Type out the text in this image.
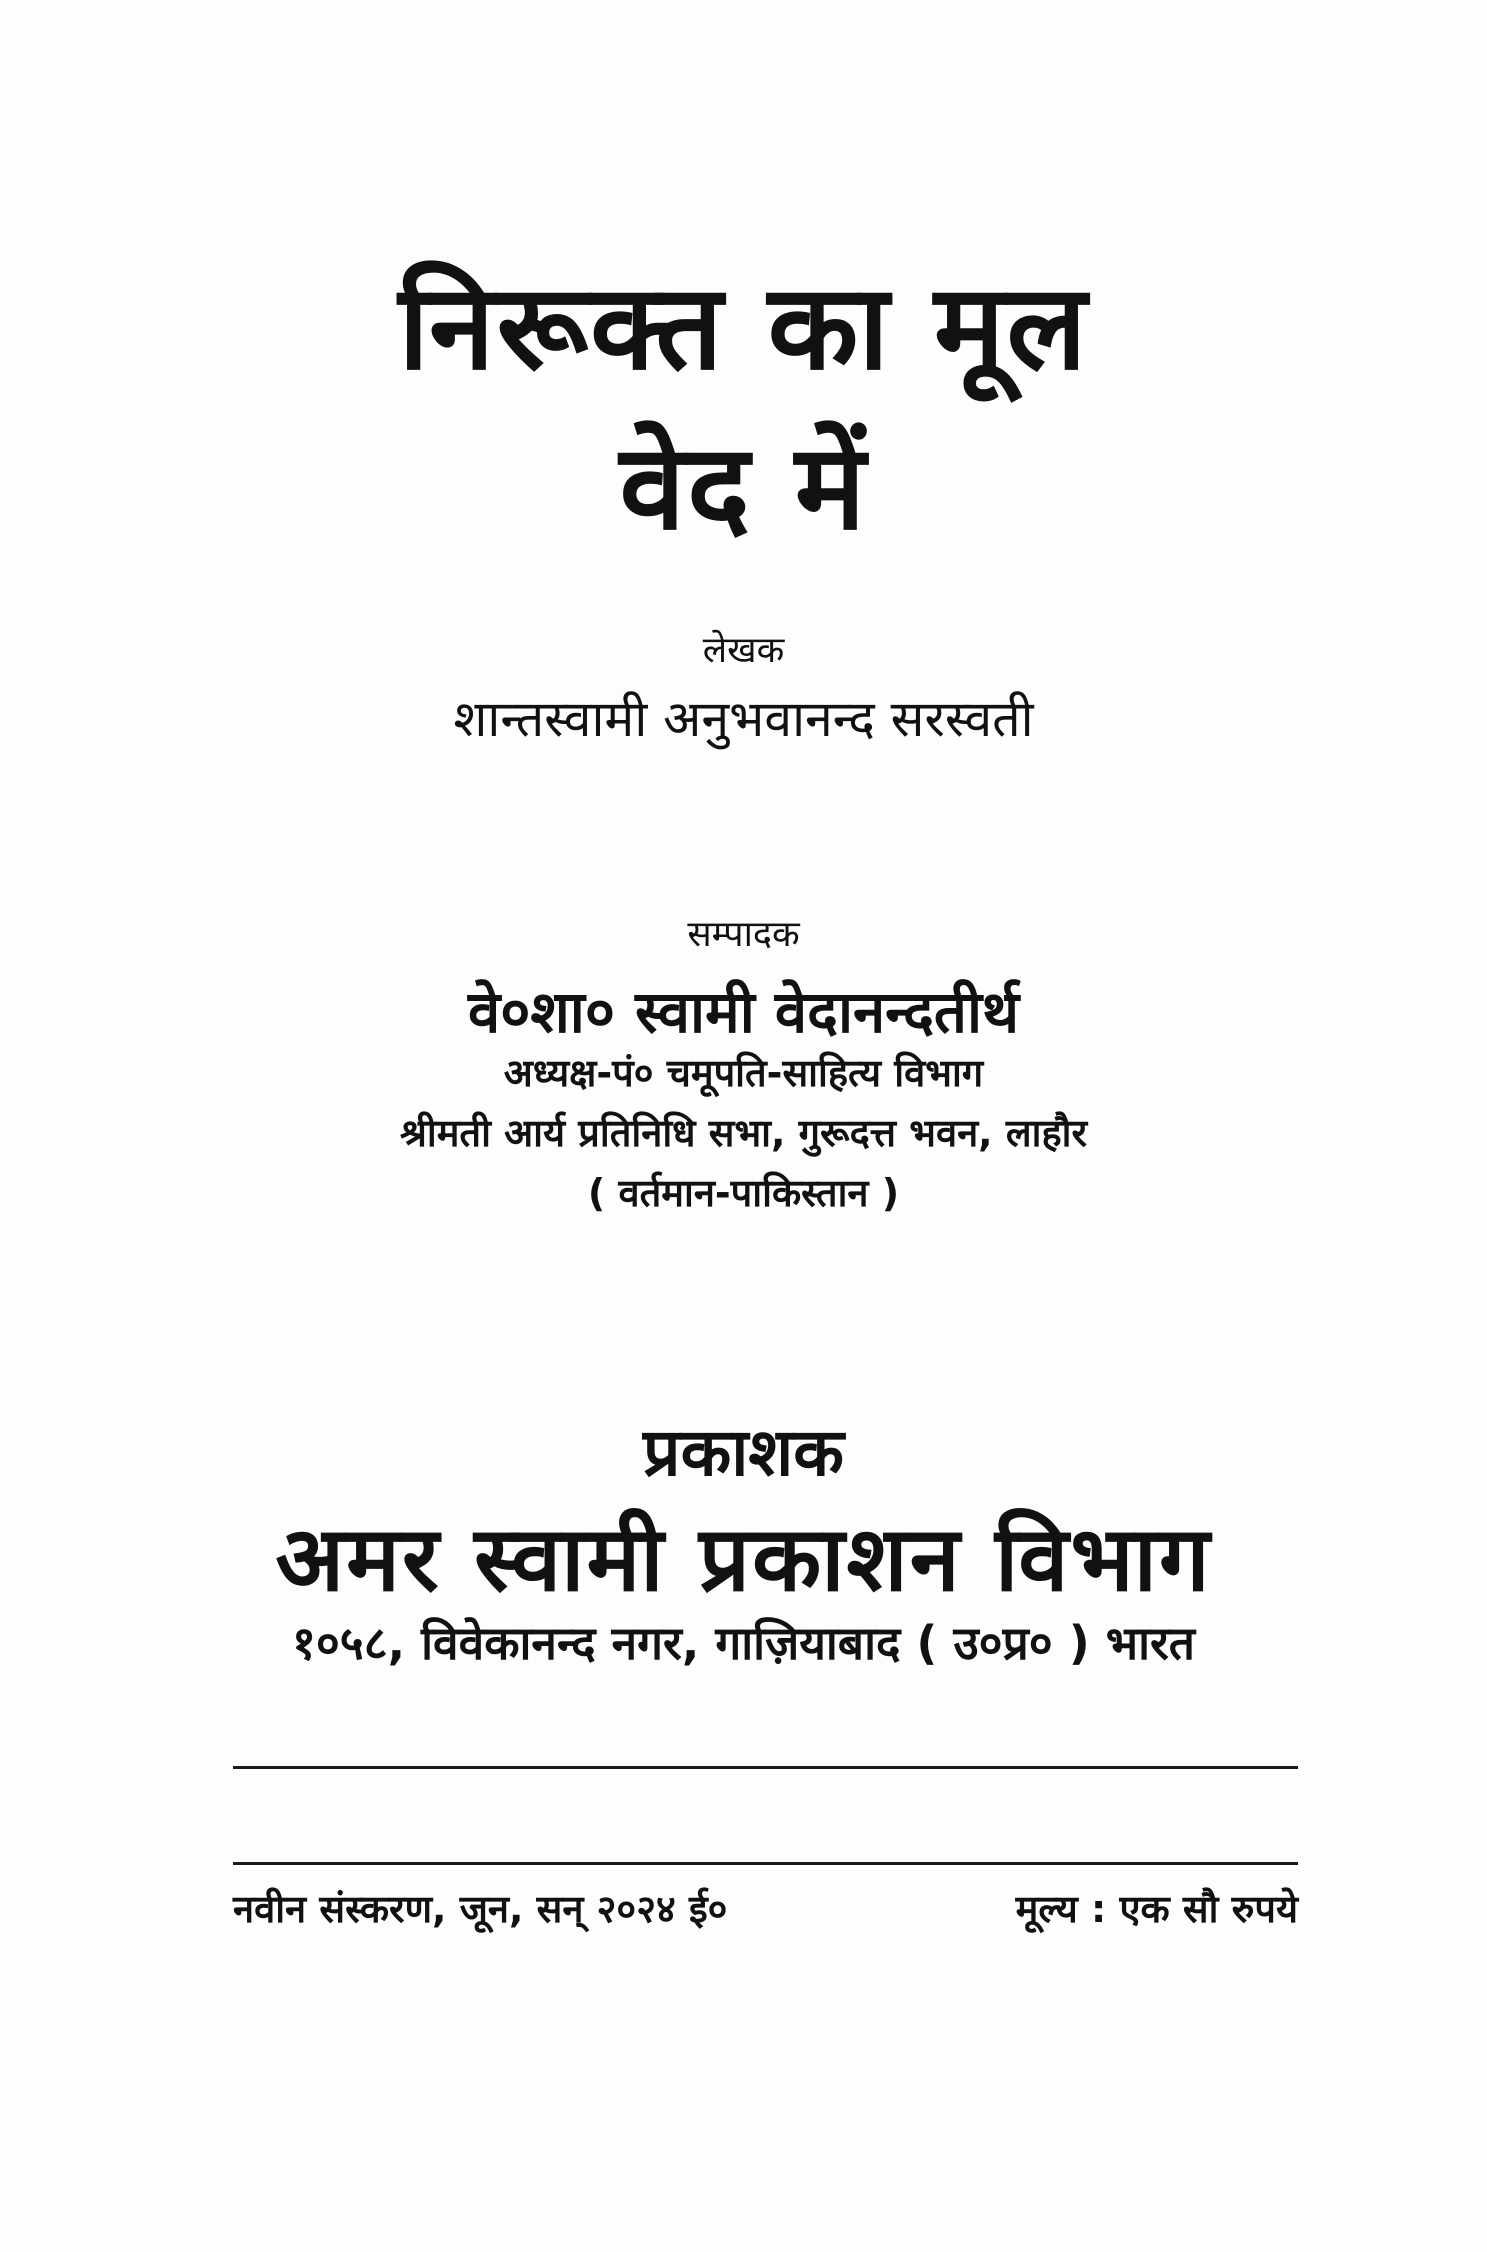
निरूक्त का मूल
वेद में
लेखक
शान्तस्वामी अनुभवानन्द सरस्वती
सम्पादक
वे०शा० स्वामी वेदानन्दतीर्थ
अध्यक्ष-पं० चमूपति-साहित्य विभाग
श्रीमती आर्य प्रतिनिधि सभा, गुरूदत्त भवन, लाहौर
( वर्तमान-पाकिस्तान )
प्रकाशक
अमर स्वामी प्रकाशन विभाग
१०५८, विवेकानन्द नगर, गाज़ियाबाद ( उ०प्र० ) भारत
नवीन संस्करण, जून, सन् २०२४ ई०	मूल्य : एक सौ रुपये
